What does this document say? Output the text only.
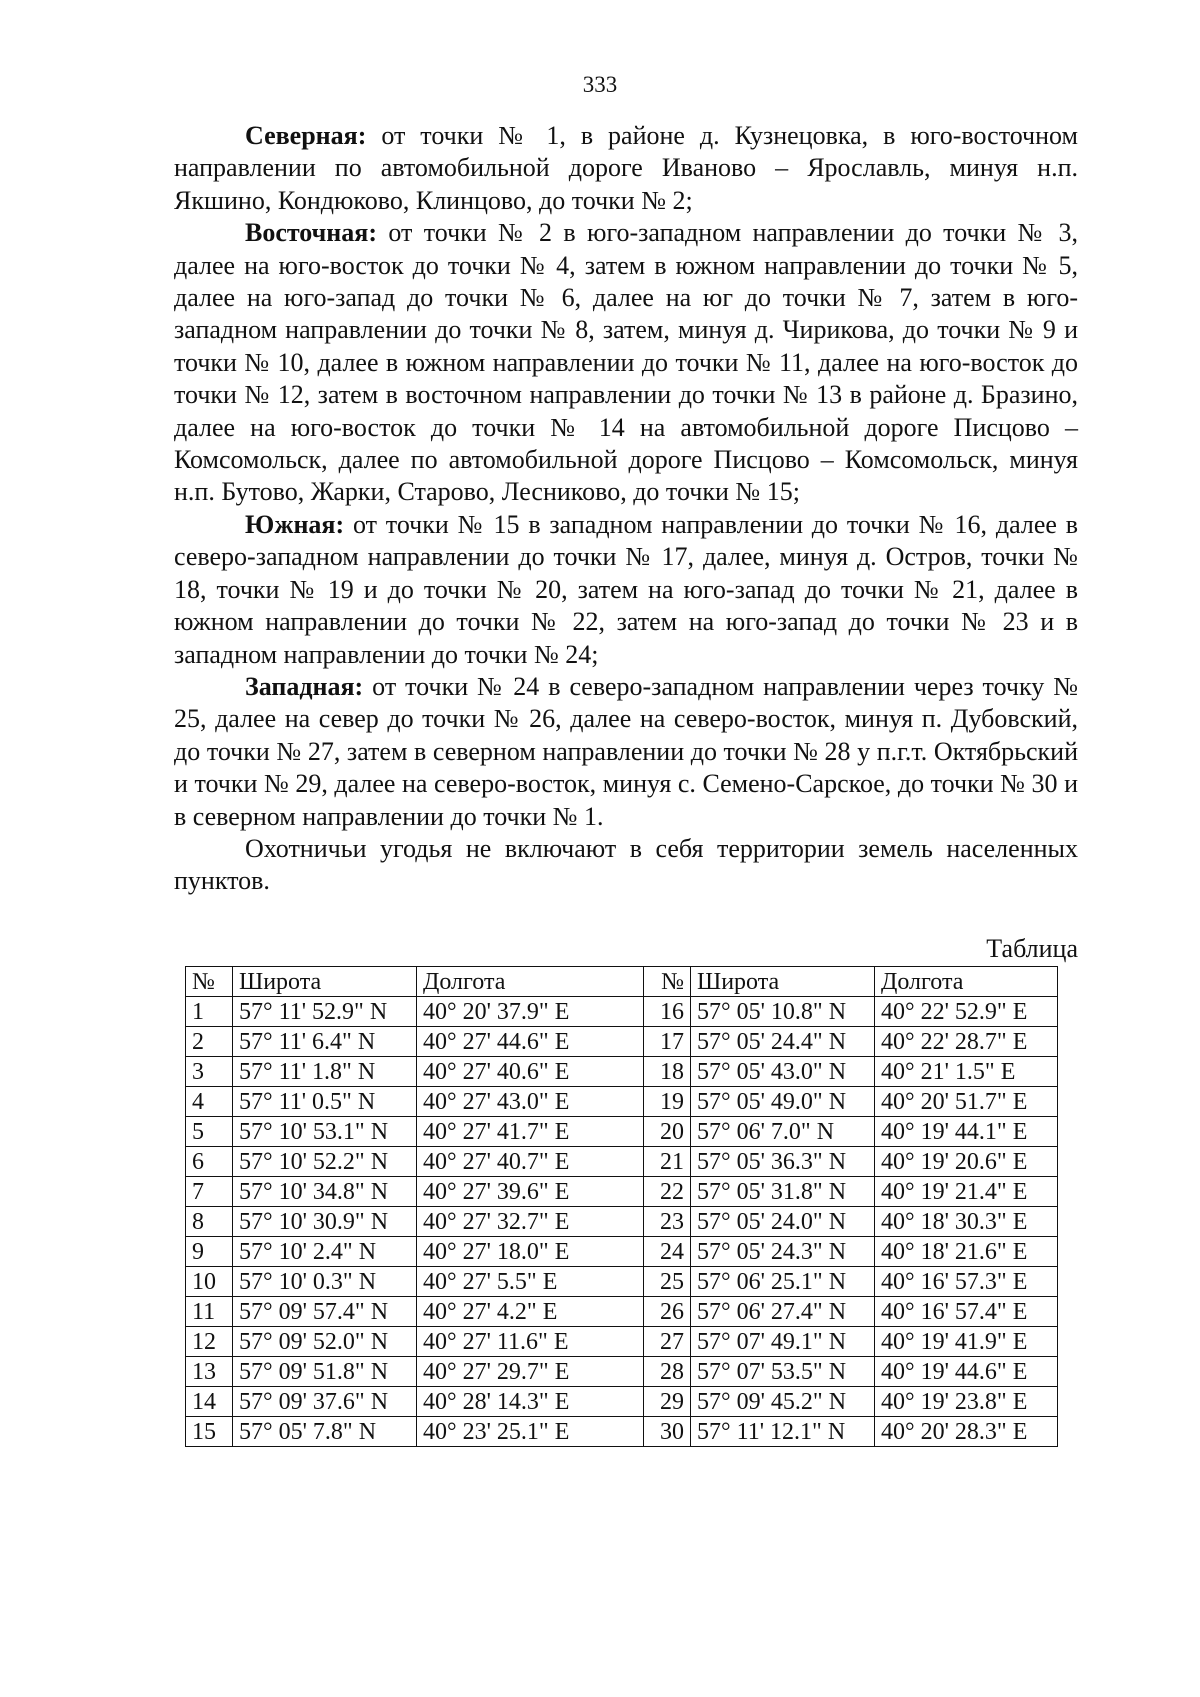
333

Северная: от точки № 1, в районе д. Кузнецовка, в юго-восточном направлении по автомобильной дороге Иваново – Ярославль, минуя н.п. Якшино, Кондюково, Клинцово, до точки № 2;

Восточная: от точки № 2 в юго-западном направлении до точки № 3, далее на юго-восток до точки № 4, затем в южном направлении до точки № 5, далее на юго-запад до точки № 6, далее на юг до точки № 7, затем в юго-западном направлении до точки № 8, затем, минуя д. Чирикова, до точки № 9 и точки № 10, далее в южном направлении до точки № 11, далее на юго-восток до точки № 12, затем в восточном направлении до точки № 13 в районе д. Бразино, далее на юго-восток до точки № 14 на автомобильной дороге Писцово – Комсомольск, далее по автомобильной дороге Писцово – Комсомольск, минуя н.п. Бутово, Жарки, Старово, Лесниково, до точки № 15;

Южная: от точки № 15 в западном направлении до точки № 16, далее в северо-западном направлении до точки № 17, далее, минуя д. Остров, точки № 18, точки № 19 и до точки № 20, затем на юго-запад до точки № 21, далее в южном направлении до точки № 22, затем на юго-запад до точки № 23 и в западном направлении до точки № 24;

Западная: от точки № 24 в северо-западном направлении через точку № 25, далее на север до точки № 26, далее на северо-восток, минуя п. Дубовский, до точки № 27, затем в северном направлении до точки № 28 у п.г.т. Октябрьский и точки № 29, далее на северо-восток, минуя с. Семено-Сарское, до точки № 30 и в северном направлении до точки № 1.

Охотничьи угодья не включают в себя территории земель населенных пунктов.

Таблица
№	Широта	Долгота	№	Широта	Долгота
1	57° 11' 52.9" N	40° 20' 37.9" E	16	57° 05' 10.8" N	40° 22' 52.9" E
2	57° 11' 6.4" N	40° 27' 44.6" E	17	57° 05' 24.4" N	40° 22' 28.7" E
3	57° 11' 1.8" N	40° 27' 40.6" E	18	57° 05' 43.0" N	40° 21' 1.5" E
4	57° 11' 0.5" N	40° 27' 43.0" E	19	57° 05' 49.0" N	40° 20' 51.7" E
5	57° 10' 53.1" N	40° 27' 41.7" E	20	57° 06' 7.0" N	40° 19' 44.1" E
6	57° 10' 52.2" N	40° 27' 40.7" E	21	57° 05' 36.3" N	40° 19' 20.6" E
7	57° 10' 34.8" N	40° 27' 39.6" E	22	57° 05' 31.8" N	40° 19' 21.4" E
8	57° 10' 30.9" N	40° 27' 32.7" E	23	57° 05' 24.0" N	40° 18' 30.3" E
9	57° 10' 2.4" N	40° 27' 18.0" E	24	57° 05' 24.3" N	40° 18' 21.6" E
10	57° 10' 0.3" N	40° 27' 5.5" E	25	57° 06' 25.1" N	40° 16' 57.3" E
11	57° 09' 57.4" N	40° 27' 4.2" E	26	57° 06' 27.4" N	40° 16' 57.4" E
12	57° 09' 52.0" N	40° 27' 11.6" E	27	57° 07' 49.1" N	40° 19' 41.9" E
13	57° 09' 51.8" N	40° 27' 29.7" E	28	57° 07' 53.5" N	40° 19' 44.6" E
14	57° 09' 37.6" N	40° 28' 14.3" E	29	57° 09' 45.2" N	40° 19' 23.8" E
15	57° 05' 7.8" N	40° 23' 25.1" E	30	57° 11' 12.1" N	40° 20' 28.3" E
